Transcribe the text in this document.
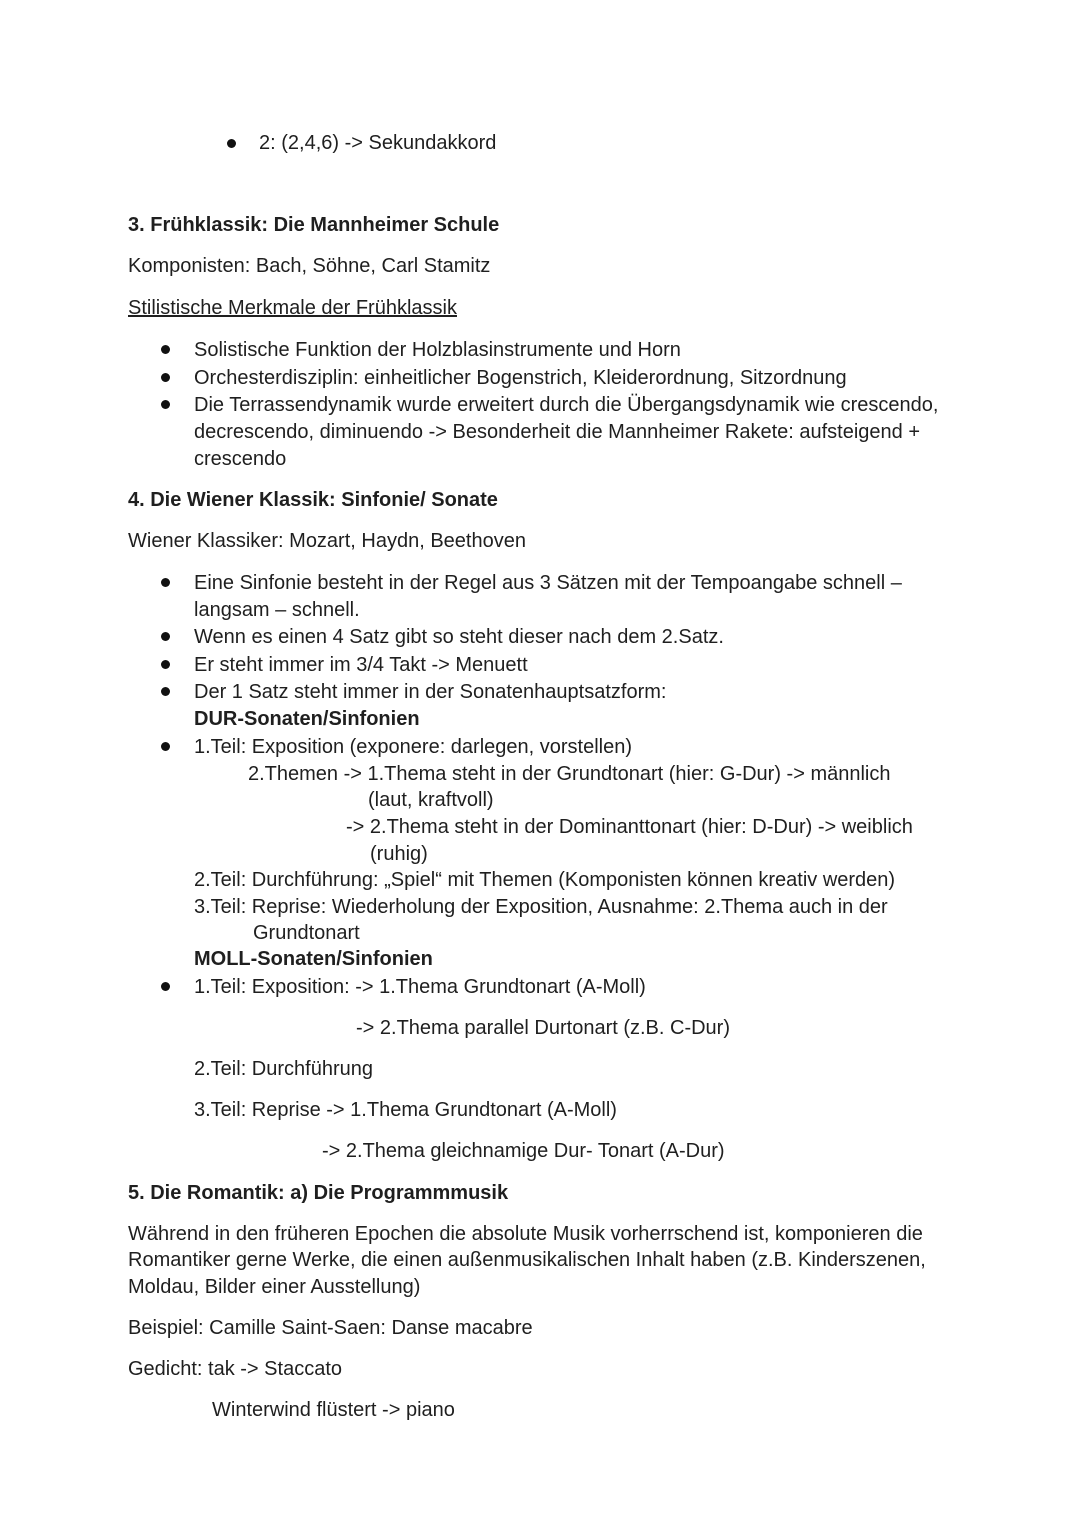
2: (2,4,6) -> Sekundakkord
3. Frühklassik: Die Mannheimer Schule
Komponisten: Bach, Söhne, Carl Stamitz
Stilistische Merkmale der Frühklassik
Solistische Funktion der Holzblasinstrumente und Horn
Orchesterdisziplin: einheitlicher Bogenstrich, Kleiderordnung, Sitzordnung
Die Terrassendynamik wurde erweitert durch die Übergangsdynamik wie crescendo,
decrescendo, diminuendo -> Besonderheit die Mannheimer Rakete: aufsteigend +
crescendo
4. Die Wiener Klassik: Sinfonie/ Sonate
Wiener Klassiker: Mozart, Haydn, Beethoven
Eine Sinfonie besteht in der Regel aus 3 Sätzen mit der Tempoangabe schnell –
langsam – schnell.
Wenn es einen 4 Satz gibt so steht dieser nach dem 2.Satz.
Er steht immer im 3/4 Takt -> Menuett
Der 1 Satz steht immer in der Sonatenhauptsatzform:
DUR-Sonaten/Sinfonien
1.Teil: Exposition (exponere: darlegen, vorstellen)
2.Themen -> 1.Thema steht in der Grundtonart (hier: G-Dur) -> männlich
(laut, kraftvoll)
-> 2.Thema steht in der Dominanttonart (hier: D-Dur) -> weiblich
(ruhig)
2.Teil: Durchführung: „Spiel“ mit Themen (Komponisten können kreativ werden)
3.Teil: Reprise: Wiederholung der Exposition, Ausnahme: 2.Thema auch in der
Grundtonart
MOLL-Sonaten/Sinfonien
1.Teil: Exposition: -> 1.Thema Grundtonart (A-Moll)
-> 2.Thema parallel Durtonart (z.B. C-Dur)
2.Teil: Durchführung
3.Teil: Reprise -> 1.Thema Grundtonart (A-Moll)
-> 2.Thema gleichnamige Dur- Tonart (A-Dur)
5. Die Romantik: a) Die Programmmusik
Während in den früheren Epochen die absolute Musik vorherrschend ist, komponieren die
Romantiker gerne Werke, die einen außenmusikalischen Inhalt haben (z.B. Kinderszenen,
Moldau, Bilder einer Ausstellung)
Beispiel: Camille Saint-Saen: Danse macabre
Gedicht: tak -> Staccato
Winterwind flüstert -> piano
